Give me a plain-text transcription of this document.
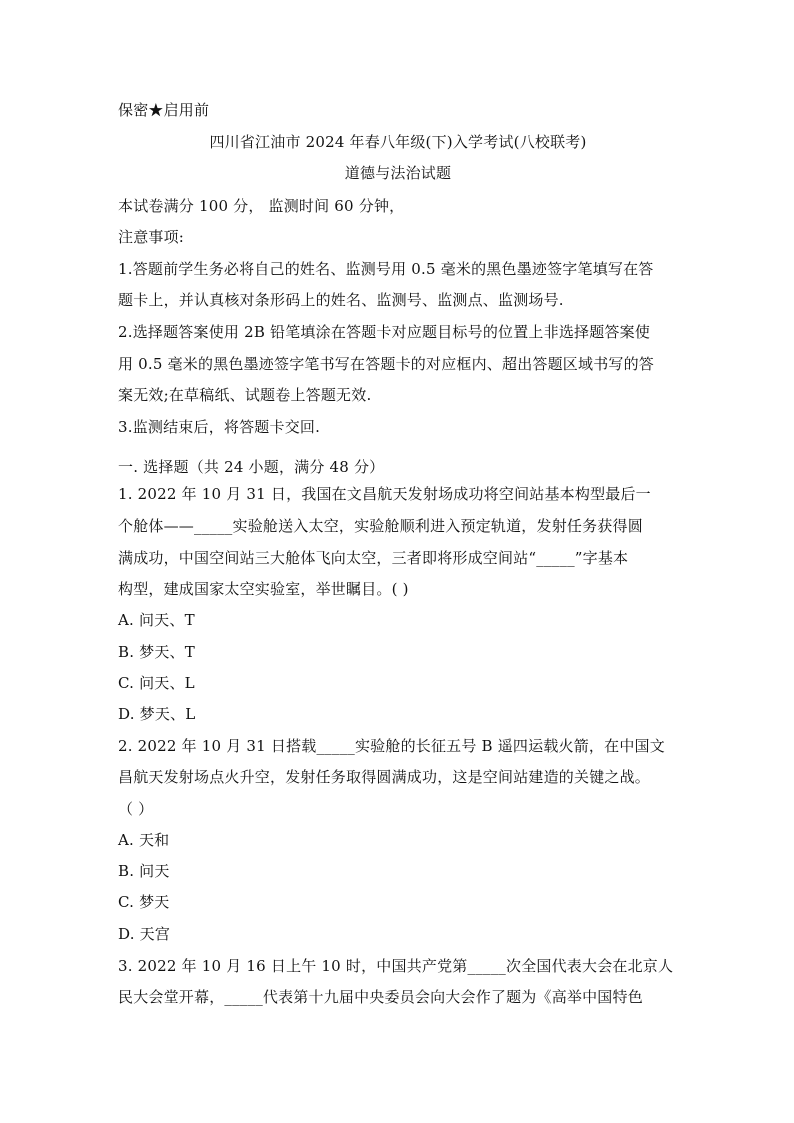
保密★启用前
四川省江油市 2024 年春八年级(下)入学考试(八校联考)
道德与法治试题
本试卷满分 100 分， 监测时间 60 分钟，
注意事项:
1.答题前学生务必将自己的姓名、监测号用 0.5 毫米的黑色墨迹签字笔填写在答
题卡上，并认真核对条形码上的姓名、监测号、监测点、监测场号.
2.选择题答案使用 2B 铅笔填涂在答题卡对应题目标号的位置上非选择题答案使
用 0.5 毫米的黑色墨迹签字笔书写在答题卡的对应框内、超出答题区域书写的答
案无效;在草稿纸、试题卷上答题无效.
3.监测结束后，将答题卡交回.
一. 选择题（共 24 小题，满分 48 分）
1. 2022 年 10 月 31 日，我国在文昌航天发射场成功将空间站基本构型最后一
个舱体——_____实验舱送入太空，实验舱顺利进入预定轨道，发射任务获得圆
满成功，中国空间站三大舱体飞向太空，三者即将形成空间站“_____”字基本
构型，建成国家太空实验室，举世瞩目。( )
A. 问天、T
B. 梦天、T
C. 问天、L
D. 梦天、L
2. 2022 年 10 月 31 日搭载_____实验舱的长征五号 B 遥四运载火箭，在中国文
昌航天发射场点火升空，发射任务取得圆满成功，这是空间站建造的关键之战。
（ ）
A. 天和
B. 问天
C. 梦天
D. 天宫
3. 2022 年 10 月 16 日上午 10 时，中国共产党第_____次全国代表大会在北京人
民大会堂开幕，_____代表第十九届中央委员会向大会作了题为《高举中国特色
